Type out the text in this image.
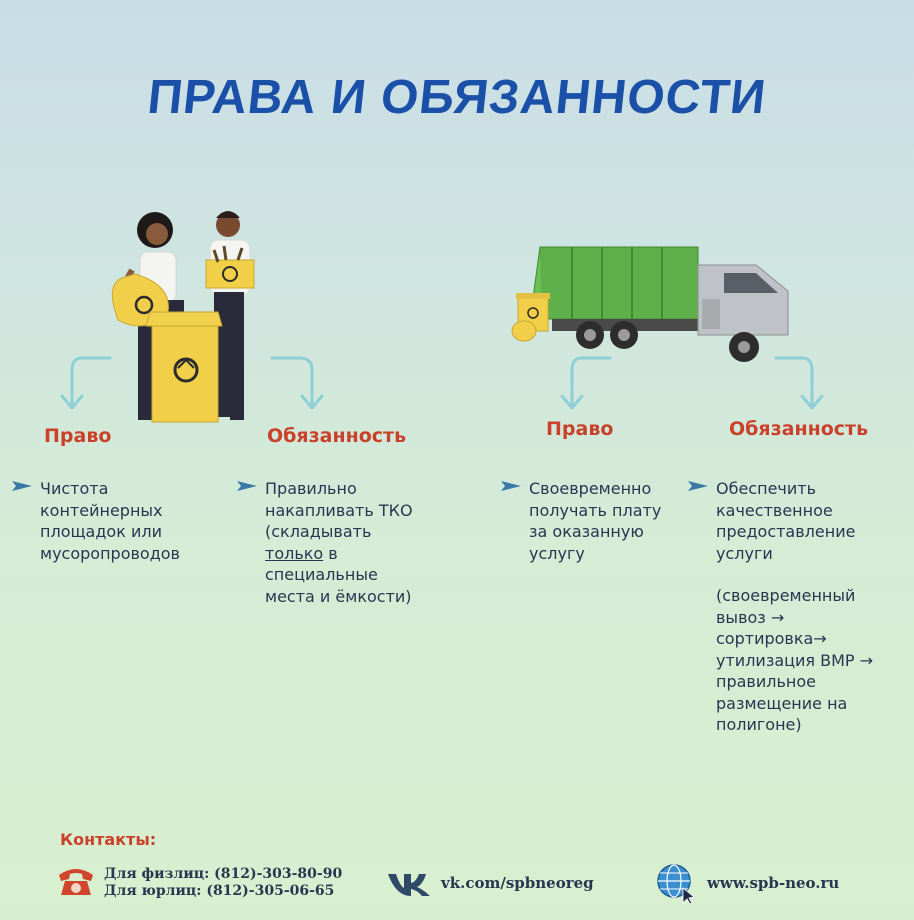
ПРАВА И ОБЯЗАННОСТИ
Право	Обязанность	Право	Обязанность
Чистота
контейнерных
площадок или
мусоропроводов
Правильно
накапливать ТКО
(складывать
только в
специальные
места и ёмкости)
Своевременно
получать плату
за оказанную
услугу
Обеспечить
качественное
предоставление
услуги
(своевременный
вывоз →
сортировка→
утилизация ВМР →
правильное
размещение на
полигоне)
Контакты:
Для физлиц: (812)-303-80-90
Для юрлиц: (812)-305-06-65	vk.com/spbneoreg	www.spb-neo.ru
